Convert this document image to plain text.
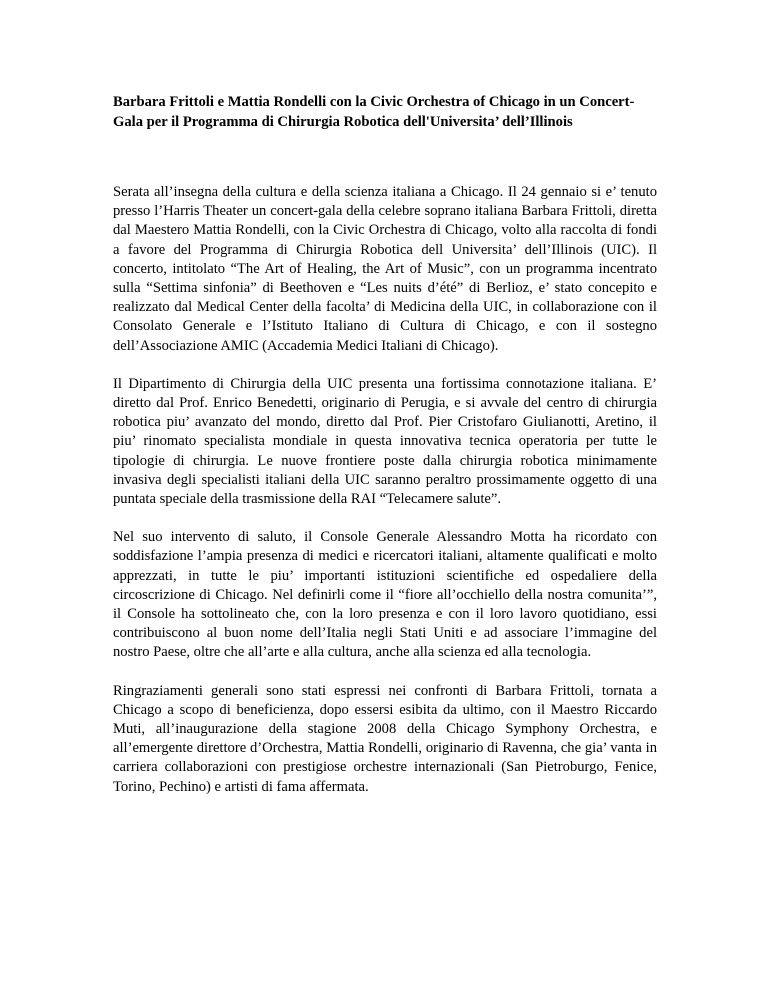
Barbara Frittoli e Mattia Rondelli con la Civic Orchestra of Chicago in un Concert-Gala per il Programma di Chirurgia Robotica dell'Universita’ dell’Illinois

Serata all’insegna della cultura e della scienza italiana a Chicago. Il 24 gennaio si e’ tenuto presso l’Harris Theater un concert-gala della celebre soprano italiana Barbara Frittoli, diretta dal Maestero Mattia Rondelli, con la Civic Orchestra di Chicago, volto alla raccolta di fondi a favore del Programma di Chirurgia Robotica dell Universita’ dell’Illinois (UIC). Il concerto, intitolato “The Art of Healing, the Art of Music”, con un programma incentrato sulla “Settima sinfonia” di Beethoven e “Les nuits d’été” di Berlioz, e’ stato concepito e realizzato dal Medical Center della facolta’ di Medicina della UIC, in collaborazione con il Consolato Generale e l’Istituto Italiano di Cultura di Chicago, e con il sostegno dell’Associazione AMIC (Accademia Medici Italiani di Chicago).

Il Dipartimento di Chirurgia della UIC presenta una fortissima connotazione italiana. E’ diretto dal Prof. Enrico Benedetti, originario di Perugia, e si avvale del centro di chirurgia robotica piu’ avanzato del mondo, diretto dal Prof. Pier Cristofaro Giulianotti, Aretino, il piu’ rinomato specialista mondiale in questa innovativa tecnica operatoria per tutte le tipologie di chirurgia. Le nuove frontiere poste dalla chirurgia robotica minimamente invasiva degli specialisti italiani della UIC saranno peraltro prossimamente oggetto di una puntata speciale della trasmissione della RAI “Telecamere salute”.

Nel suo intervento di saluto, il Console Generale Alessandro Motta ha ricordato con soddisfazione l’ampia presenza di medici e ricercatori italiani, altamente qualificati e molto apprezzati, in tutte le piu’ importanti istituzioni scientifiche ed ospedaliere della circoscrizione di Chicago. Nel definirli come il “fiore all’occhiello della nostra comunita’”, il Console ha sottolineato che, con la loro presenza e con il loro lavoro quotidiano, essi contribuiscono al buon nome dell’Italia negli Stati Uniti e ad associare l’immagine del nostro Paese, oltre che all’arte e alla cultura, anche alla scienza ed alla tecnologia.

Ringraziamenti generali sono stati espressi nei confronti di Barbara Frittoli, tornata a Chicago a scopo di beneficienza, dopo essersi esibita da ultimo, con il Maestro Riccardo Muti, all’inaugurazione della stagione 2008 della Chicago Symphony Orchestra, e all’emergente direttore d’Orchestra, Mattia Rondelli, originario di Ravenna, che gia’ vanta in carriera collaborazioni con prestigiose orchestre internazionali (San Pietroburgo, Fenice, Torino, Pechino) e artisti di fama affermata.
